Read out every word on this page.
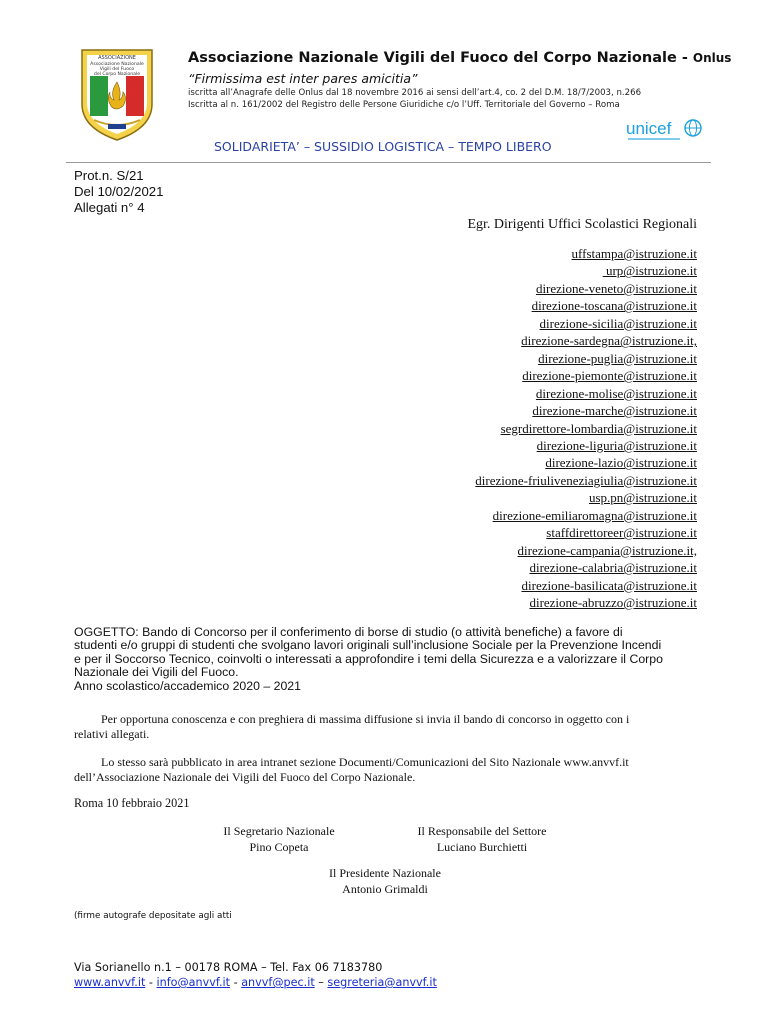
ASSOCIAZIONE
Associazione Nazionale
Vigili del Fuoco
del Corpo Nazionale
Associazione Nazionale Vigili del Fuoco del Corpo Nazionale - Onlus
“Firmissima est inter pares amicitia”
iscritta all’Anagrafe delle Onlus dal 18 novembre 2016 ai sensi dell’art.4, co. 2 del D.M. 18/7/2003, n.266
Iscritta al n. 161/2002 del Registro delle Persone Giuridiche c/o l’Uff. Territoriale del Governo – Roma
SOLIDARIETA’ – SUSSIDIO LOGISTICA – TEMPO LIBERO
unicef
Prot.n. S/21
Del 10/02/2021
Allegati n° 4
Egr. Dirigenti Uffici Scolastici Regionali
uffstampa@istruzione.it
urp@istruzione.it
direzione-veneto@istruzione.it
direzione-toscana@istruzione.it
direzione-sicilia@istruzione.it
direzione-sardegna@istruzione.it,
direzione-puglia@istruzione.it
direzione-piemonte@istruzione.it
direzione-molise@istruzione.it
direzione-marche@istruzione.it
segrdirettore-lombardia@istruzione.it
direzione-liguria@istruzione.it
direzione-lazio@istruzione.it
direzione-friuliveneziagiulia@istruzione.it
usp.pn@istruzione.it
direzione-emiliaromagna@istruzione.it
staffdirettoreer@istruzione.it
direzione-campania@istruzione.it,
direzione-calabria@istruzione.it
direzione-basilicata@istruzione.it
direzione-abruzzo@istruzione.it
OGGETTO: Bando di Concorso per il conferimento di borse di studio (o attività benefiche) a favore di
studenti e/o gruppi di studenti che svolgano lavori originali sull’inclusione Sociale per la Prevenzione Incendi
e per il Soccorso Tecnico, coinvolti o interessati a approfondire i temi della Sicurezza e a valorizzare il Corpo
Nazionale dei Vigili del Fuoco.
Anno scolastico/accademico 2020 – 2021
Per opportuna conoscenza e con preghiera di massima diffusione si invia il bando di concorso in oggetto con i
relativi allegati.
Lo stesso sarà pubblicato in area intranet sezione Documenti/Comunicazioni del Sito Nazionale www.anvvf.it
dell’Associazione Nazionale dei Vigili del Fuoco del Corpo Nazionale.
Roma 10 febbraio 2021
Il Segretario Nazionale
Pino Copeta
Il Responsabile del Settore
Luciano Burchietti
Il Presidente Nazionale
Antonio Grimaldi
(firme autografe depositate agli atti
Via Sorianello n.1 – 00178 ROMA – Tel. Fax 06 7183780
www.anvvf.it - info@anvvf.it - anvvf@pec.it – segreteria@anvvf.it
